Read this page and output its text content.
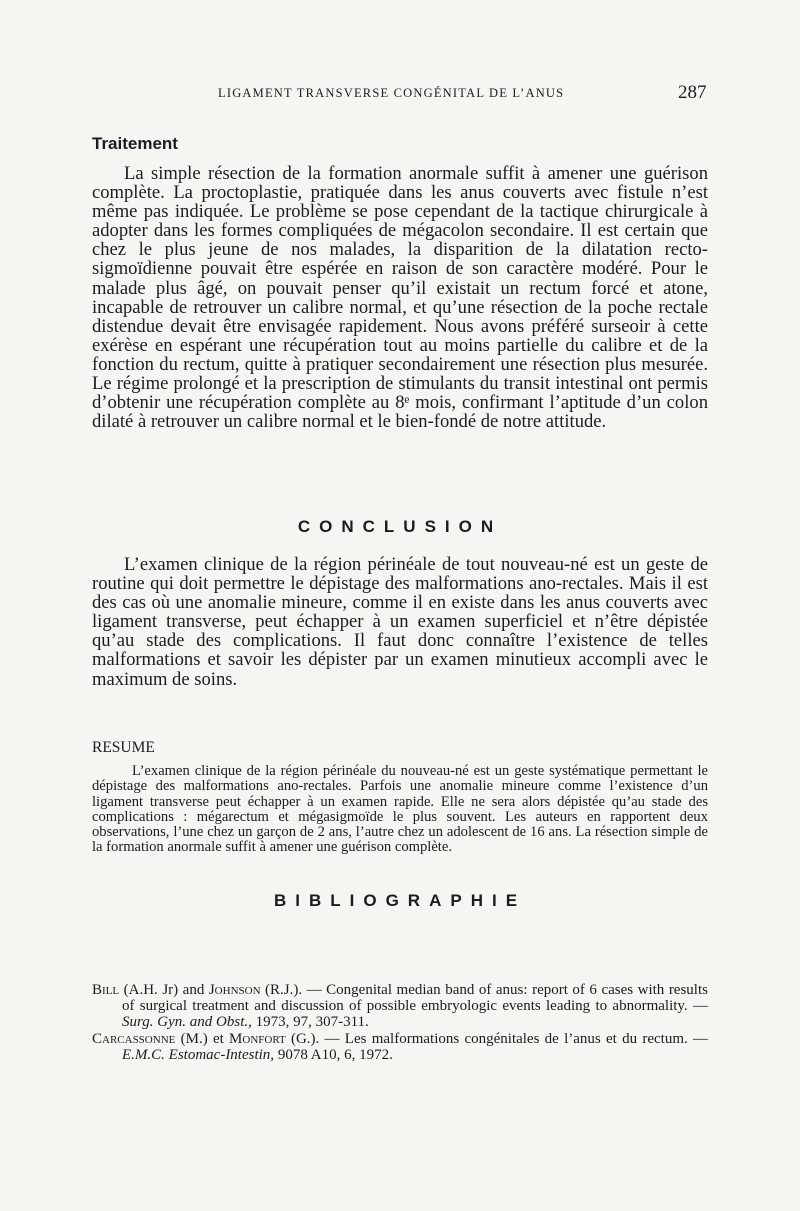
LIGAMENT TRANSVERSE CONGÉNITAL DE L’ANUS	287
Traitement

La simple résection de la formation anormale suffit à amener une guérison complète. La proctoplastie, pratiquée dans les anus couverts avec fistule n’est même pas indiquée. Le problème se pose cependant de la tactique chirurgicale à adopter dans les formes compliquées de mégacolon secondaire. Il est certain que chez le plus jeune de nos malades, la disparition de la dilatation recto-sigmoïdienne pouvait être espérée en raison de son caractère modéré. Pour le malade plus âgé, on pouvait penser qu’il existait un rectum forcé et atone, incapable de retrouver un calibre normal, et qu’une résection de la poche rectale distendue devait être envisagée rapidement. Nous avons préféré surseoir à cette exérèse en espérant une récupération tout au moins partielle du calibre et de la fonction du rectum, quitte à pratiquer secondairement une résection plus mesurée. Le régime prolongé et la prescription de stimulants du transit intestinal ont permis d’obtenir une récupération complète au 8ᵉ mois, confirmant l’aptitude d’un colon dilaté à retrouver un calibre normal et le bien-fondé de notre attitude.

CONCLUSION

L’examen clinique de la région périnéale de tout nouveau-né est un geste de routine qui doit permettre le dépistage des malformations ano-rectales. Mais il est des cas où une anomalie mineure, comme il en existe dans les anus couverts avec ligament transverse, peut échapper à un examen superficiel et n’être dépistée qu’au stade des complications. Il faut donc connaître l’existence de telles malformations et savoir les dépister par un examen minutieux accompli avec le maximum de soins.

RESUME

L’examen clinique de la région périnéale du nouveau-né est un geste systématique permettant le dépistage des malformations ano-rectales. Parfois une anomalie mineure comme l’existence d’un ligament transverse peut échapper à un examen rapide. Elle ne sera alors dépistée qu’au stade des complications : mégarectum et mégasigmoïde le plus souvent. Les auteurs en rapportent deux observations, l’une chez un garçon de 2 ans, l’autre chez un adolescent de 16 ans. La résection simple de la formation anormale suffit à amener une guérison complète.

BIBLIOGRAPHIE

Bill (A.H. Jr) and Johnson (R.J.). — Congenital median band of anus: report of 6 cases with results of surgical treatment and discussion of possible embryologic events leading to abnormality. — Surg. Gyn. and Obst., 1973, 97, 307-311.

Carcassonne (M.) et Monfort (G.). — Les malformations congénitales de l’anus et du rectum. — E.M.C. Estomac-Intestin, 9078 A10, 6, 1972.
